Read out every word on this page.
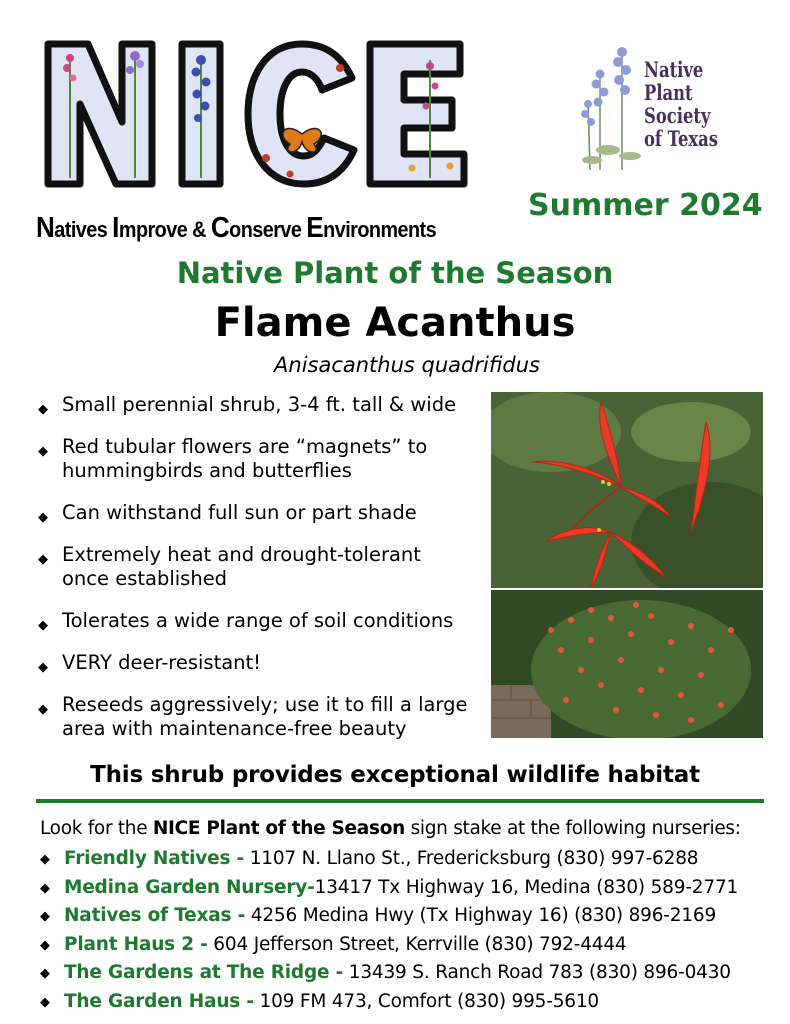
Natives Improve & Conserve Environments
Native
Plant
Society
of Texas
Summer 2024
Native Plant of the Season
Flame Acanthus
Anisacanthus quadrifidus
◆ Small perennial shrub, 3-4 ft. tall & wide
◆ Red tubular flowers are “magnets” to hummingbirds and butterflies
◆ Can withstand full sun or part shade
◆ Extremely heat and drought-tolerant once established
◆ Tolerates a wide range of soil conditions
◆ VERY deer-resistant!
◆ Reseeds aggressively; use it to fill a large area with maintenance-free beauty
This shrub provides exceptional wildlife habitat
Look for the NICE Plant of the Season sign stake at the following nurseries:
◆ Friendly Natives - 1107 N. Llano St., Fredericksburg (830) 997-6288
◆ Medina Garden Nursery-13417 Tx Highway 16, Medina (830) 589-2771
◆ Natives of Texas - 4256 Medina Hwy (Tx Highway 16) (830) 896-2169
◆ Plant Haus 2 - 604 Jefferson Street, Kerrville (830) 792-4444
◆ The Gardens at The Ridge - 13439 S. Ranch Road 783 (830) 896-0430
◆ The Garden Haus - 109 FM 473, Comfort (830) 995-5610
